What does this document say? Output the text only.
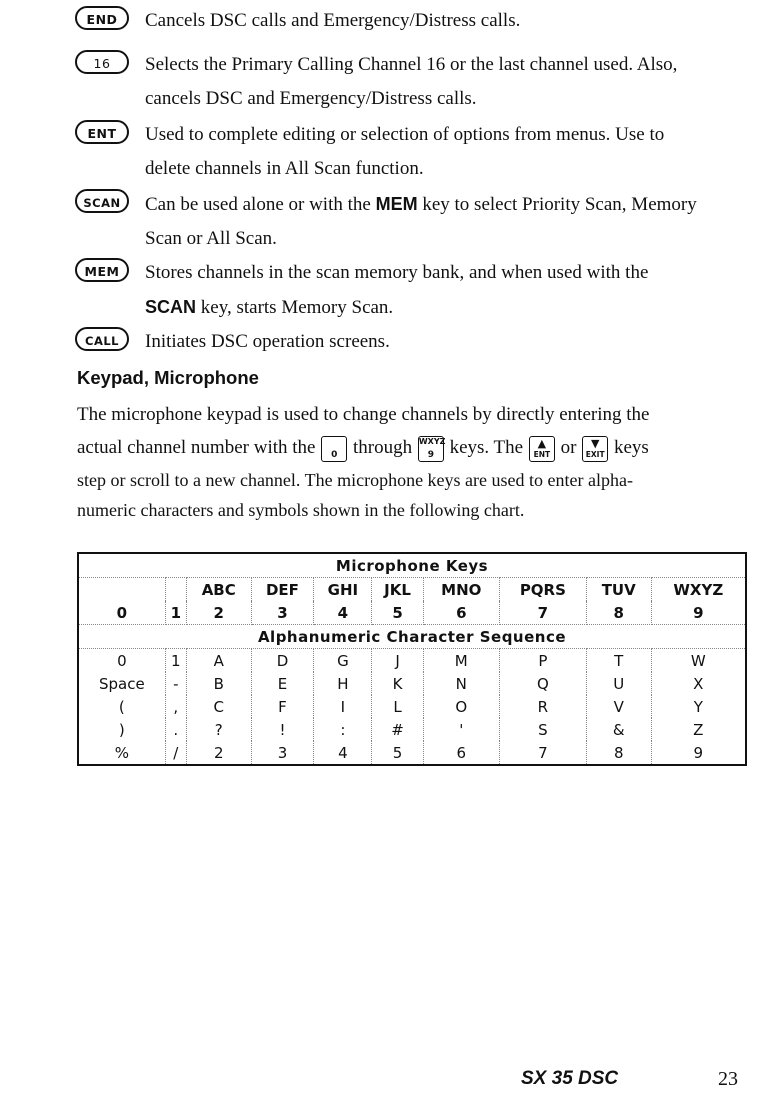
END	Cancels DSC calls and Emergency/Distress calls.
16	Selects the Primary Calling Channel 16 or the last channel used. Also,
cancels DSC and Emergency/Distress calls.
ENT	Used to complete editing or selection of options from menus. Use to
delete channels in All Scan function.
SCAN	Can be used alone or with the MEM key to select Priority Scan, Memory
Scan or All Scan.
MEM	Stores channels in the scan memory bank, and when used with the
SCAN key, starts Memory Scan.
CALL	Initiates DSC operation screens.
Keypad, Microphone
The microphone keypad is used to change channels by directly entering the
actual channel number with the	0 through WXYZ
9 keys. The	▲
ENT or	▼
EXIT keys
step or scroll to a new channel. The microphone keys are used to enter alpha-
numeric characters and symbols shown in the following chart.
Microphone Keys									
		ABC	DEF	GHI	JKL	MNO	PQRS	TUV	WXYZ
0	1	2	3	4	5	6	7	8	9
Alphanumeric Character Sequence									
0	1	A	D	G	J	M	P	T	W
Space	-	B	E	H	K	N	Q	U	X
(	,	C	F	I	L	O	R	V	Y
)	.	?	!	:	#	'	S	&	Z
%	/	2	3	4	5	6	7	8	9
SX 35 DSC	23
